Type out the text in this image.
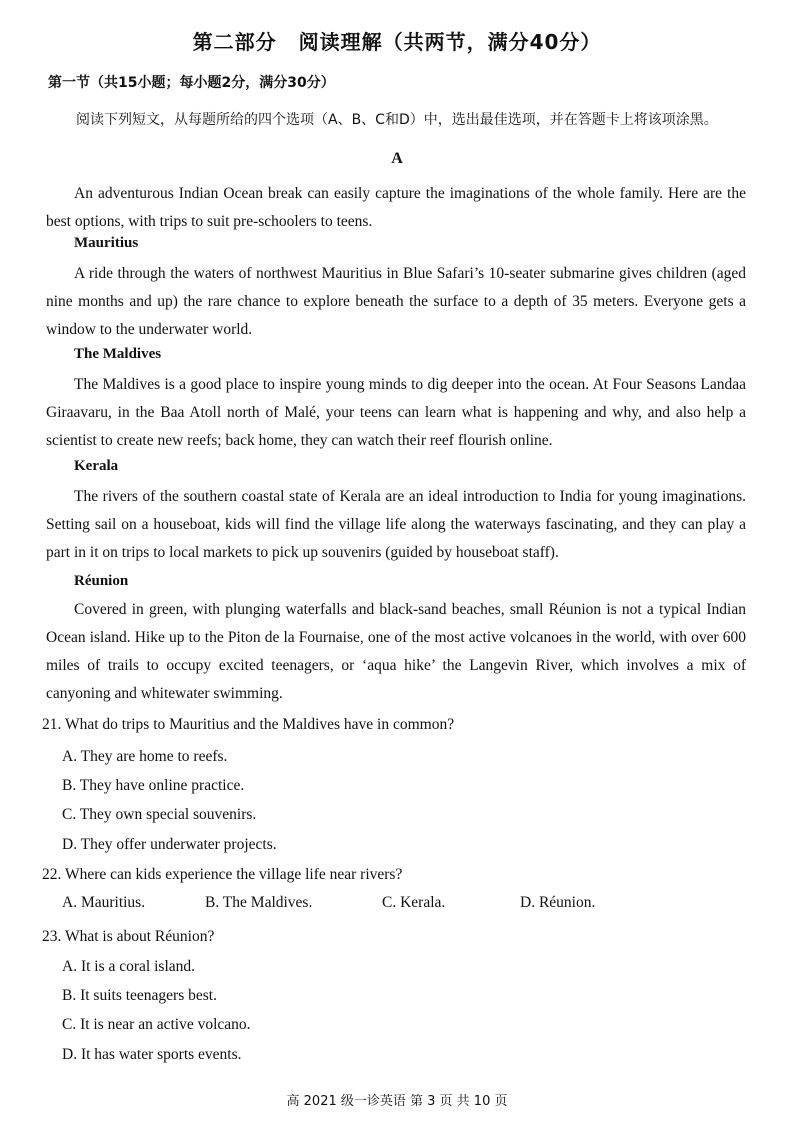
第二部分 阅读理解（共两节，满分40分）
第一节（共15小题；每小题2分，满分30分）
阅读下列短文，从每题所给的四个选项（A、B、C和D）中，选出最佳选项，并在答题卡上将该项涂黑。
A

An adventurous Indian Ocean break can easily capture the imaginations of the whole family. Here are the best options, with trips to suit pre-schoolers to teens.

Mauritius

A ride through the waters of northwest Mauritius in Blue Safari’s 10-seater submarine gives children (aged nine months and up) the rare chance to explore beneath the surface to a depth of 35 meters. Everyone gets a window to the underwater world.

The Maldives

The Maldives is a good place to inspire young minds to dig deeper into the ocean. At Four Seasons Landaa Giraavaru, in the Baa Atoll north of Malé, your teens can learn what is happening and why, and also help a scientist to create new reefs; back home, they can watch their reef flourish online.

Kerala

The rivers of the southern coastal state of Kerala are an ideal introduction to India for young imaginations. Setting sail on a houseboat, kids will find the village life along the waterways fascinating, and they can play a part in it on trips to local markets to pick up souvenirs (guided by houseboat staff).

Réunion

Covered in green, with plunging waterfalls and black-sand beaches, small Réunion is not a typical Indian Ocean island. Hike up to the Piton de la Fournaise, one of the most active volcanoes in the world, with over 600 miles of trails to occupy excited teenagers, or ‘aqua hike’ the Langevin River, which involves a mix of canyoning and whitewater swimming.

21. What do trips to Mauritius and the Maldives have in common?
A. They are home to reefs.
B. They have online practice.
C. They own special souvenirs.
D. They offer underwater projects.
22. Where can kids experience the village life near rivers?
A. Mauritius.	B. The Maldives.	C. Kerala.	D. Réunion.
23. What is about Réunion?
A. It is a coral island.
B. It suits teenagers best.
C. It is near an active volcano.
D. It has water sports events.
高 2021 级一诊英语 第 3 页 共 10 页
